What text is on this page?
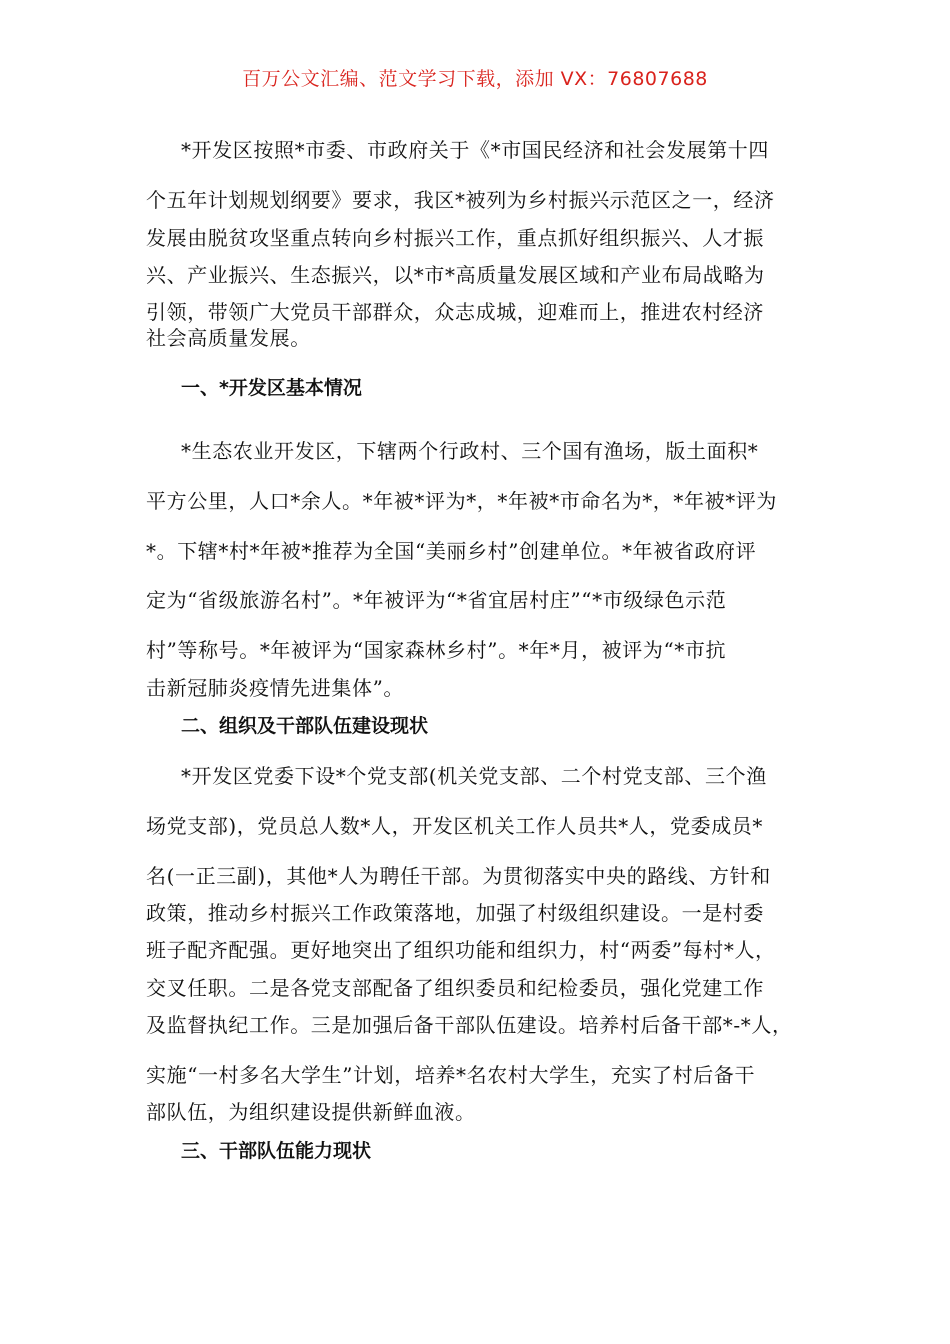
百万公文汇编、范文学习下载，添加 VX：76807688
*开发区按照*市委、市政府关于《*市国民经济和社会发展第十四
个五年计划规划纲要》要求，我区*被列为乡村振兴示范区之一，经济
发展由脱贫攻坚重点转向乡村振兴工作，重点抓好组织振兴、人才振
兴、产业振兴、生态振兴，以*市*高质量发展区域和产业布局战略为
引领，带领广大党员干部群众，众志成城，迎难而上，推进农村经济
社会高质量发展。
一、*开发区基本情况
*生态农业开发区，下辖两个行政村、三个国有渔场，版土面积*
平方公里，人口*余人。*年被*评为*，*年被*市命名为*，*年被*评为
*。下辖*村*年被*推荐为全国“美丽乡村”创建单位。*年被省政府评
定为“省级旅游名村”。*年被评为“*省宜居村庄”“*市级绿色示范
村”等称号。*年被评为“国家森林乡村”。*年*月，被评为“*市抗
击新冠肺炎疫情先进集体”。
二、组织及干部队伍建设现状
*开发区党委下设*个党支部(机关党支部、二个村党支部、三个渔
场党支部)，党员总人数*人，开发区机关工作人员共*人，党委成员*
名(一正三副)，其他*人为聘任干部。为贯彻落实中央的路线、方针和
政策，推动乡村振兴工作政策落地，加强了村级组织建设。一是村委
班子配齐配强。更好地突出了组织功能和组织力，村“两委”每村*人，
交叉任职。二是各党支部配备了组织委员和纪检委员，强化党建工作
及监督执纪工作。三是加强后备干部队伍建设。培养村后备干部*-*人，
实施“一村多名大学生”计划，培养*名农村大学生，充实了村后备干
部队伍，为组织建设提供新鲜血液。
三、干部队伍能力现状
